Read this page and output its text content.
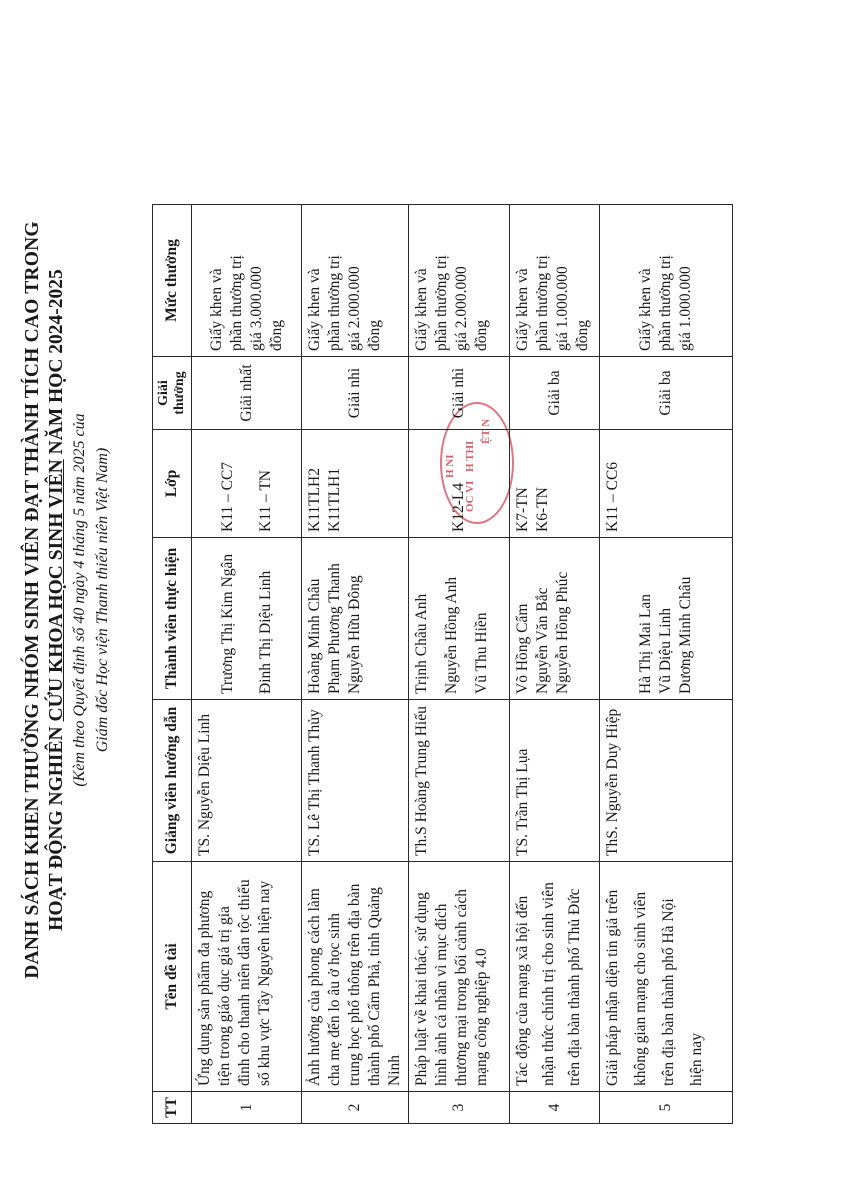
DANH SÁCH KHEN THƯỞNG NHÓM SINH VIÊN ĐẠT THÀNH TÍCH CAO TRONG HOẠT ĐỘNG NGHIÊN CỨU KHOA HỌC SINH VIÊN NĂM HỌC 2024-2025
(Kèm theo Quyết định số 40 ngày 4 tháng 5 năm 2025 của Giám đốc Học viện Thanh thiếu niên Việt Nam)	H NI
OC VI
H THI
ỆT N
TT	Tên đề tài	Giảng viên hướng dẫn	Thành viên thực hiện	Lớp	Giải thưởng	Mức thưởng
1	Ứng dụng sản phẩm đa phương tiện trong giáo dục giá trị gia đình cho thanh niên dân tộc thiểu số khu vực Tây Nguyên hiện nay	TS. Nguyễn Diệu Linh	Trương Thị Kim Ngân Đinh Thị Diệu Linh	K11 – CC7 K11 – TN	Giải nhất	Giấy khen và phần thưởng trị giá 3.000.000 đồng

2	Ảnh hưởng của phong cách làm cha mẹ đến lo âu ở học sinh trung học phổ thông trên địa bàn thành phố Cẩm Phả, tỉnh Quảng Ninh	TS. Lê Thị Thanh Thủy	Hoàng Minh Châu Phạm Phương Thanh Nguyễn Hữu Đông	K11TLH2 K11TLH1	Giải nhì	Giấy khen và phần thưởng trị giá 2.000.000 đồng

3	Pháp luật về khai thác, sử dụng hình ảnh cá nhân vì mục đích thương mại trong bối cảnh cách mạng công nghiệp 4.0	Th.S Hoàng Trung Hiếu	Trịnh Châu Anh Nguyễn Hồng Anh Vũ Thu Hiền	K12-L4	Giải nhì	Giấy khen và phần thưởng trị giá 2.000.000 đồng

4	Tác động của mạng xã hội đến nhận thức chính trị cho sinh viên trên địa bàn thành phố Thủ Đức	TS. Trần Thị Lụa	Võ Hồng Cẩm Nguyễn Văn Bắc Nguyễn Hồng Phúc	K7-TN K6-TN	Giải ba	Giấy khen và phần thưởng trị giá 1.000.000 đồng

5	Giải pháp nhận diện tin giả trên không gian mạng cho sinh viên trên địa bàn thành phố Hà Nội hiện nay	ThS. Nguyễn Duy Hiệp	Hà Thị Mai Lan Vũ Diệu Linh Dương Minh Châu	K11 – CC6	Giải ba	Giấy khen và phần thưởng trị giá 1.000.000
